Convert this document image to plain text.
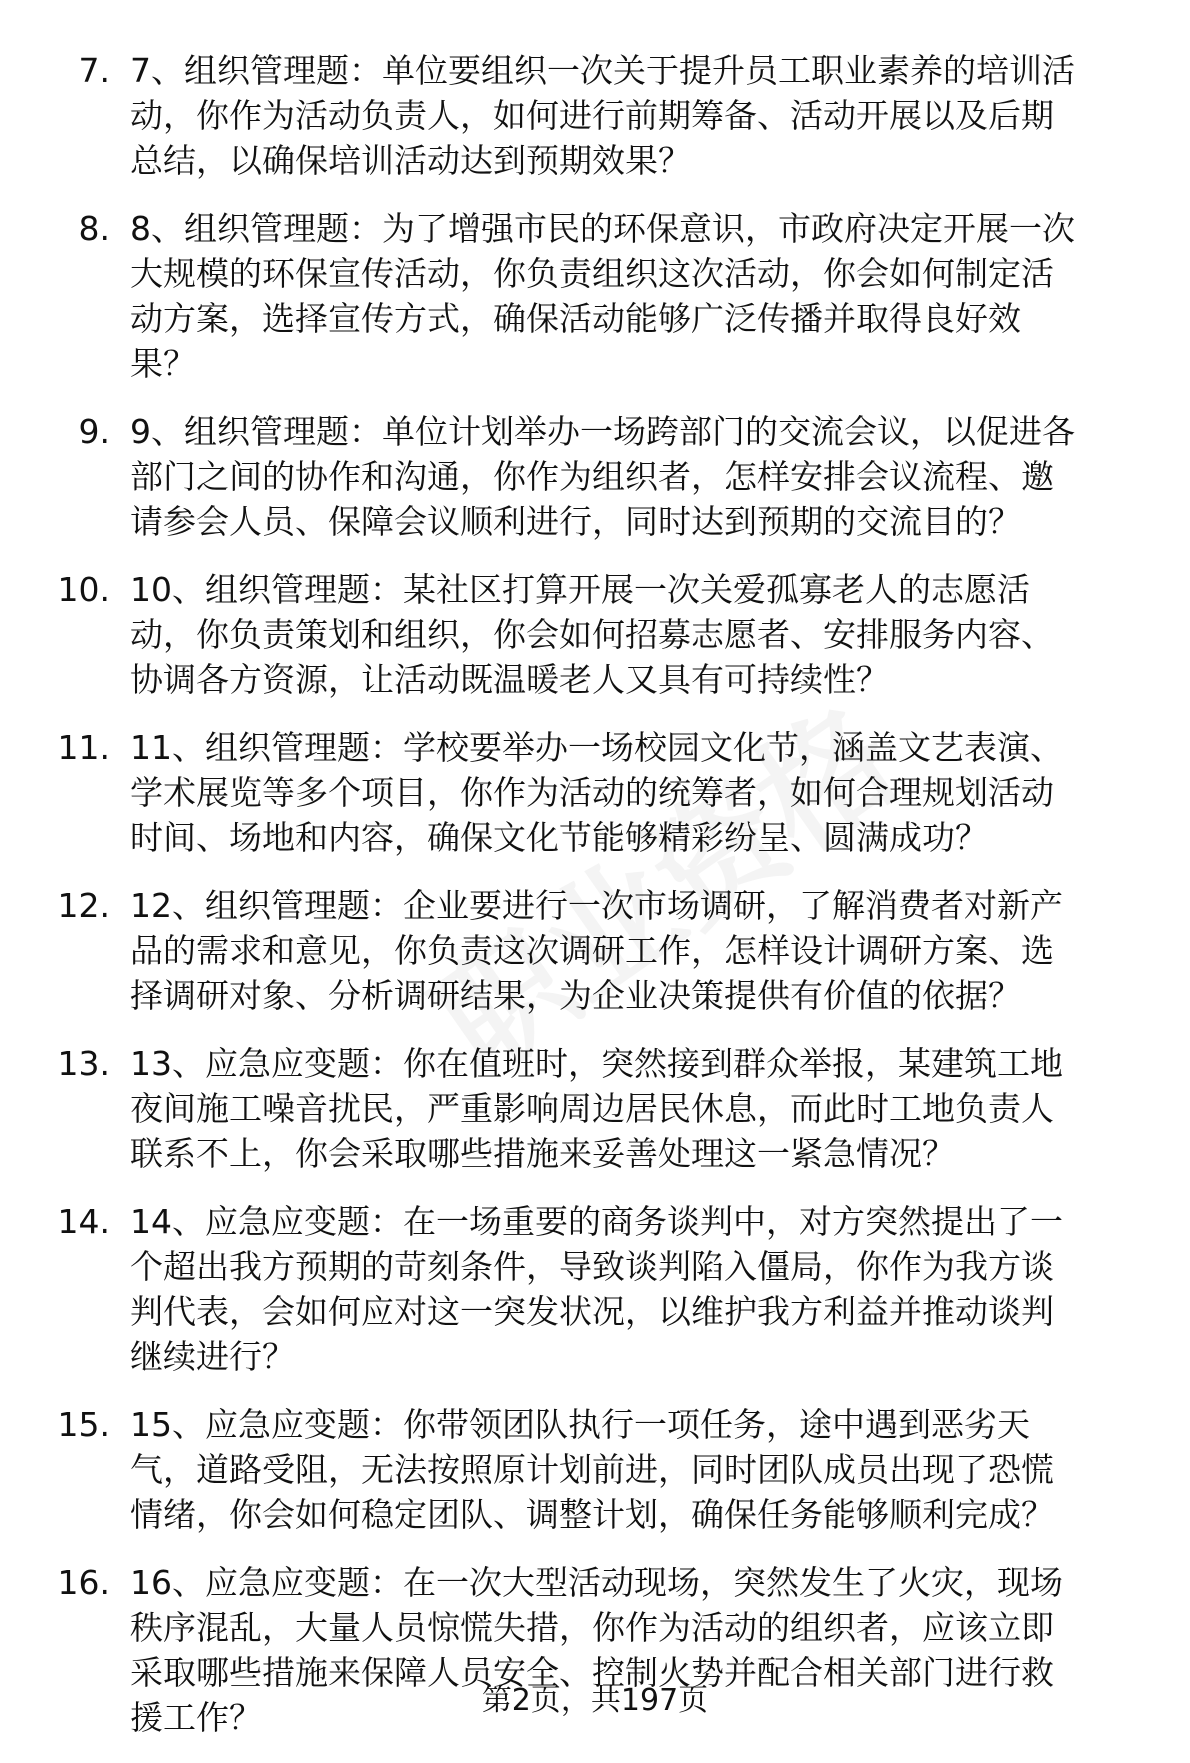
7. 7、组织管理题：单位要组织一次关于提升员工职业素养的培训活
动，你作为活动负责人，如何进行前期筹备、活动开展以及后期
总结，以确保培训活动达到预期效果？
8. 8、组织管理题：为了增强市民的环保意识，市政府决定开展一次
大规模的环保宣传活动，你负责组织这次活动，你会如何制定活
动方案，选择宣传方式，确保活动能够广泛传播并取得良好效
果？
9. 9、组织管理题：单位计划举办一场跨部门的交流会议，以促进各
部门之间的协作和沟通，你作为组织者，怎样安排会议流程、邀
请参会人员、保障会议顺利进行，同时达到预期的交流目的？
10. 10、组织管理题：某社区打算开展一次关爱孤寡老人的志愿活
动，你负责策划和组织，你会如何招募志愿者、安排服务内容、
协调各方资源，让活动既温暖老人又具有可持续性？
11. 11、组织管理题：学校要举办一场校园文化节，涵盖文艺表演、
学术展览等多个项目，你作为活动的统筹者，如何合理规划活动
时间、场地和内容，确保文化节能够精彩纷呈、圆满成功？
12. 12、组织管理题：企业要进行一次市场调研，了解消费者对新产
品的需求和意见，你负责这次调研工作，怎样设计调研方案、选
择调研对象、分析调研结果，为企业决策提供有价值的依据？
13. 13、应急应变题：你在值班时，突然接到群众举报，某建筑工地
夜间施工噪音扰民，严重影响周边居民休息，而此时工地负责人
联系不上，你会采取哪些措施来妥善处理这一紧急情况？
14. 14、应急应变题：在一场重要的商务谈判中，对方突然提出了一
个超出我方预期的苛刻条件，导致谈判陷入僵局，你作为我方谈
判代表，会如何应对这一突发状况，以维护我方利益并推动谈判
继续进行？
15. 15、应急应变题：你带领团队执行一项任务，途中遇到恶劣天
气，道路受阻，无法按照原计划前进，同时团队成员出现了恐慌
情绪，你会如何稳定团队、调整计划，确保任务能够顺利完成？
16. 16、应急应变题：在一次大型活动现场，突然发生了火灾，现场
秩序混乱，大量人员惊慌失措，你作为活动的组织者，应该立即
采取哪些措施来保障人员安全、控制火势并配合相关部门进行救
援工作？	第2页，共197页
